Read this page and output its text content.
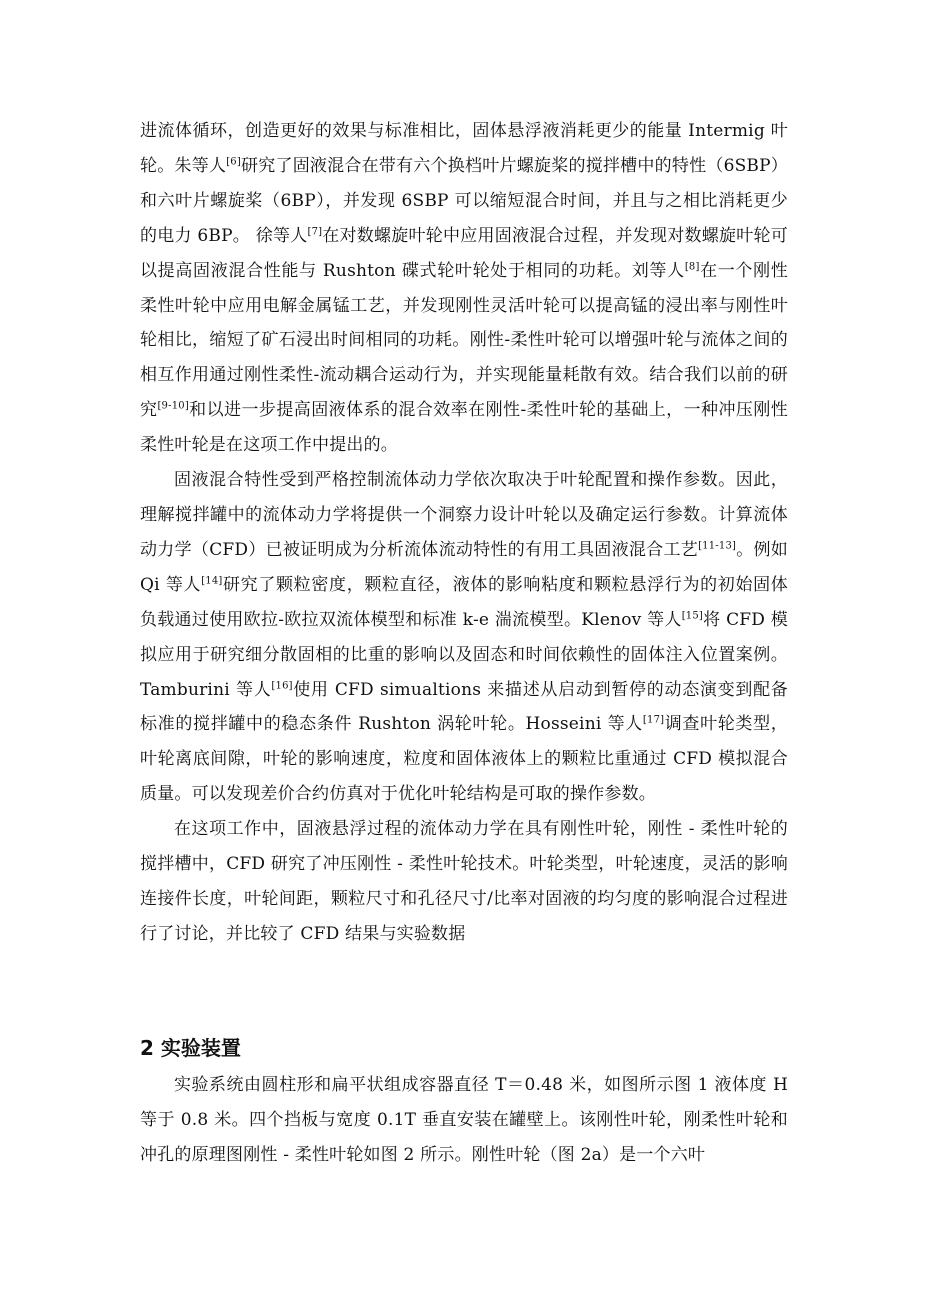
进流体循环，创造更好的效果与标准相比，固体悬浮液消耗更少的能量 Intermig 叶轮。朱等人[6]研究了固液混合在带有六个换档叶片螺旋桨的搅拌槽中的特性（6SBP）和六叶片螺旋桨（6BP），并发现 6SBP 可以缩短混合时间，并且与之相比消耗更少的电力 6BP。 徐等人[7]在对数螺旋叶轮中应用固液混合过程，并发现对数螺旋叶轮可以提高固液混合性能与 Rushton 碟式轮叶轮处于相同的功耗。刘等人[8]在一个刚性柔性叶轮中应用电解金属锰工艺，并发现刚性灵活叶轮可以提高锰的浸出率与刚性叶轮相比，缩短了矿石浸出时间相同的功耗。刚性-柔性叶轮可以增强叶轮与流体之间的相互作用通过刚性柔性-流动耦合运动行为，并实现能量耗散有效。结合我们以前的研究[9-10]和以进一步提高固液体系的混合效率在刚性-柔性叶轮的基础上，一种冲压刚性柔性叶轮是在这项工作中提出的。

固液混合特性受到严格控制流体动力学依次取决于叶轮配置和操作参数。因此，理解搅拌罐中的流体动力学将提供一个洞察力设计叶轮以及确定运行参数。计算流体动力学（CFD）已被证明成为分析流体流动特性的有用工具固液混合工艺[11-13]。例如 Qi 等人[14]研究了颗粒密度，颗粒直径，液体的影响粘度和颗粒悬浮行为的初始固体负载通过使用欧拉-欧拉双流体模型和标准 k-e 湍流模型。Klenov 等人[15]将 CFD 模拟应用于研究细分散固相的比重的影响以及固态和时间依赖性的固体注入位置案例。Tamburini 等人[16]使用 CFD simualtions 来描述从启动到暂停的动态演变到配备标准的搅拌罐中的稳态条件 Rushton 涡轮叶轮。Hosseini 等人[17]调查叶轮类型，叶轮离底间隙，叶轮的影响速度，粒度和固体液体上的颗粒比重通过 CFD 模拟混合质量。可以发现差价合约仿真对于优化叶轮结构是可取的操作参数。

在这项工作中，固液悬浮过程的流体动力学在具有刚性叶轮，刚性 - 柔性叶轮的搅拌槽中，CFD 研究了冲压刚性 - 柔性叶轮技术。叶轮类型，叶轮速度，灵活的影响连接件长度，叶轮间距，颗粒尺寸和孔径尺寸/比率对固液的均匀度的影响混合过程进行了讨论，并比较了 CFD 结果与实验数据

2 实验装置

实验系统由圆柱形和扁平状组成容器直径 T＝0.48 米，如图所示图 1 液体度 H 等于 0.8 米。四个挡板与宽度 0.1T 垂直安装在罐壁上。该刚性叶轮，刚柔性叶轮和冲孔的原理图刚性 - 柔性叶轮如图 2 所示。刚性叶轮（图 2a）是一个六叶
